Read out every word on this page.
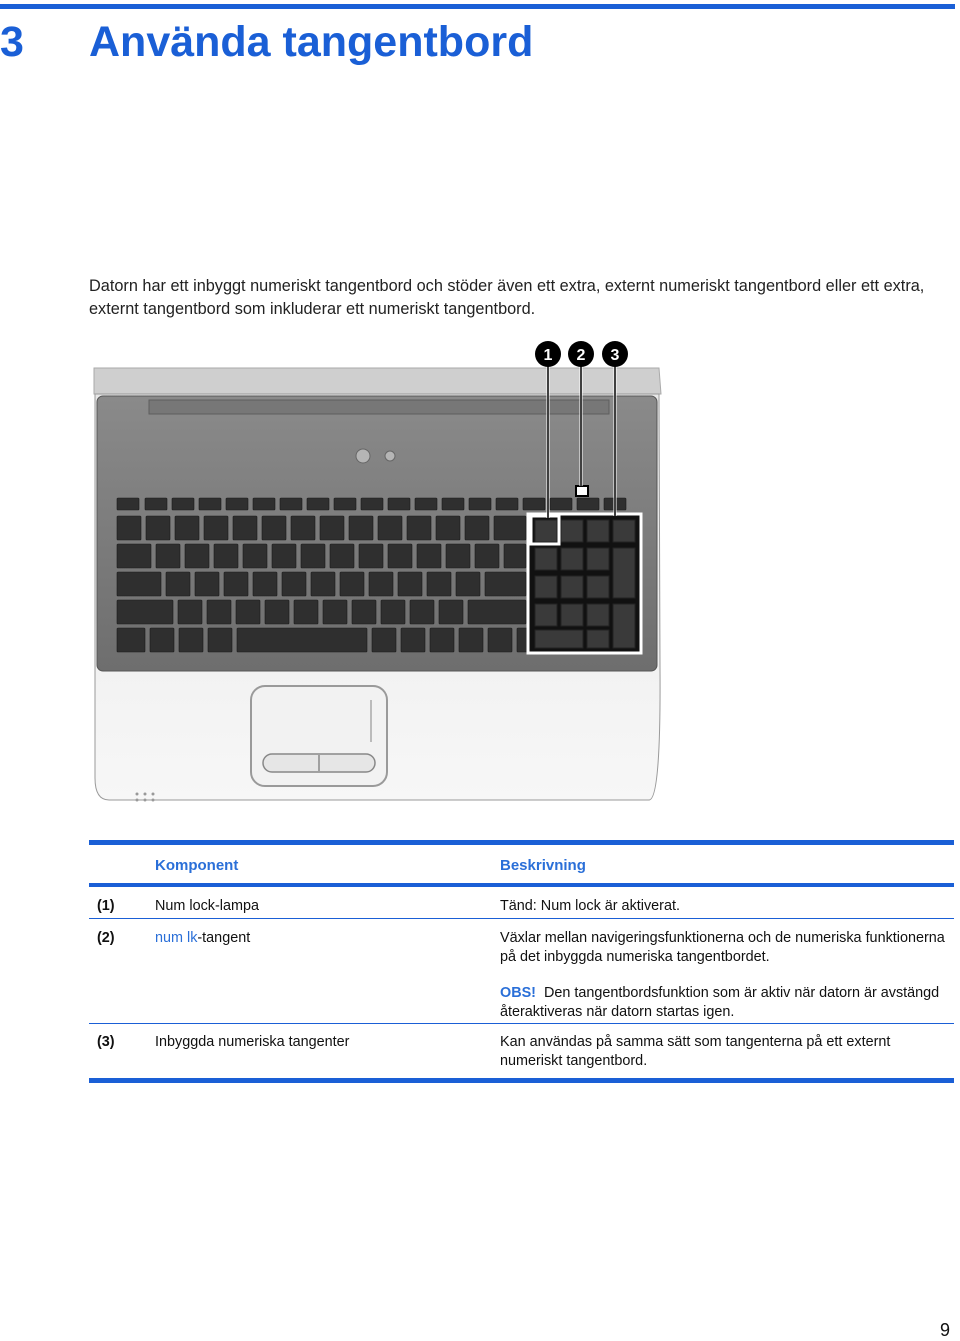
3 Använda tangentbord
Datorn har ett inbyggt numeriskt tangentbord och stöder även ett extra, externt numeriskt tangentbord eller ett extra, externt tangentbord som inkluderar ett numeriskt tangentbord.
1 2 3
Komponent	Beskrivning
(1)	Num lock-lampa	Tänd: Num lock är aktiverat.
(2)	num lk-tangent	Växlar mellan navigeringsfunktionerna och de numeriska funktionerna på det inbyggda numeriska tangentbordet.
OBS! Den tangentbordsfunktion som är aktiv när datorn är avstängd återaktiveras när datorn startas igen.
(3)	Inbyggda numeriska tangenter	Kan användas på samma sätt som tangenterna på ett externt numeriskt tangentbord.
9
